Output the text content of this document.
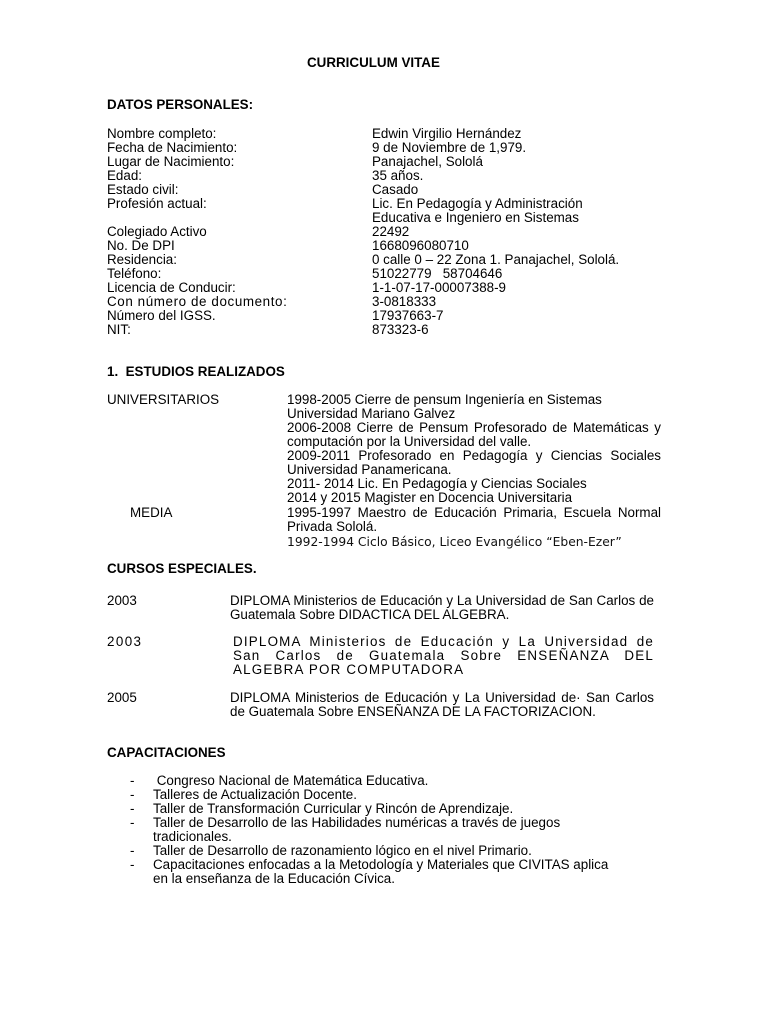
CURRICULUM VITAE
DATOS PERSONALES:
Nombre completo:	Edwin Virgilio Hernández
Fecha de Nacimiento:	9 de Noviembre de 1,979.
Lugar de Nacimiento:	Panajachel, Sololá
Edad:	35 años.
Estado civil:	Casado
Profesión actual:	Lic. En Pedagogía y Administración
Educativa e Ingeniero en Sistemas
Colegiado Activo	22492
No. De DPI	1668096080710
Residencia:	0 calle 0 – 22 Zona 1. Panajachel, Sololá.
Teléfono:	51022779   58704646
Licencia de Conducir:	1-1-07-17-00007388-9
Con número de documento:	3-0818333
Número del IGSS.	17937663-7
NIT:	873323-6
1.  ESTUDIOS REALIZADOS
UNIVERSITARIOS	1998-2005 Cierre de pensum Ingeniería en Sistemas
Universidad Mariano Galvez
2006-2008 Cierre de Pensum Profesorado de Matemáticas y computación por la Universidad del valle.
2009-2011 Profesorado en Pedagogía y Ciencias Sociales Universidad Panamericana.
2011- 2014 Lic. En Pedagogía y Ciencias Sociales
2014 y 2015 Magister en Docencia Universitaria
MEDIA	1995-1997 Maestro de Educación Primaria, Escuela Normal Privada Sololá.
1992-1994 Ciclo Básico, Liceo Evangélico “Eben-Ezer”
CURSOS ESPECIALES.
2003	DIPLOMA Ministerios de Educación y La Universidad de San Carlos de Guatemala Sobre DIDACTICA DEL ALGEBRA.
2003	DIPLOMA Ministerios de Educación y La Universidad de San Carlos de Guatemala Sobre ENSEÑANZA DEL ALGEBRA POR COMPUTADORA
2005	DIPLOMA Ministerios de Educación y La Universidad de· San Carlos de Guatemala Sobre ENSEÑANZA DE LA FACTORIZACION.
CAPACITACIONES
- Congreso Nacional de Matemática Educativa.
- Talleres de Actualización Docente.
- Taller de Transformación Curricular y Rincón de Aprendizaje.
- Taller de Desarrollo de las Habilidades numéricas a través de juegos tradicionales.
- Taller de Desarrollo de razonamiento lógico en el nivel Primario.
- Capacitaciones enfocadas a la Metodología y Materiales que CIVITAS aplica en la enseñanza de la Educación Cívica.
